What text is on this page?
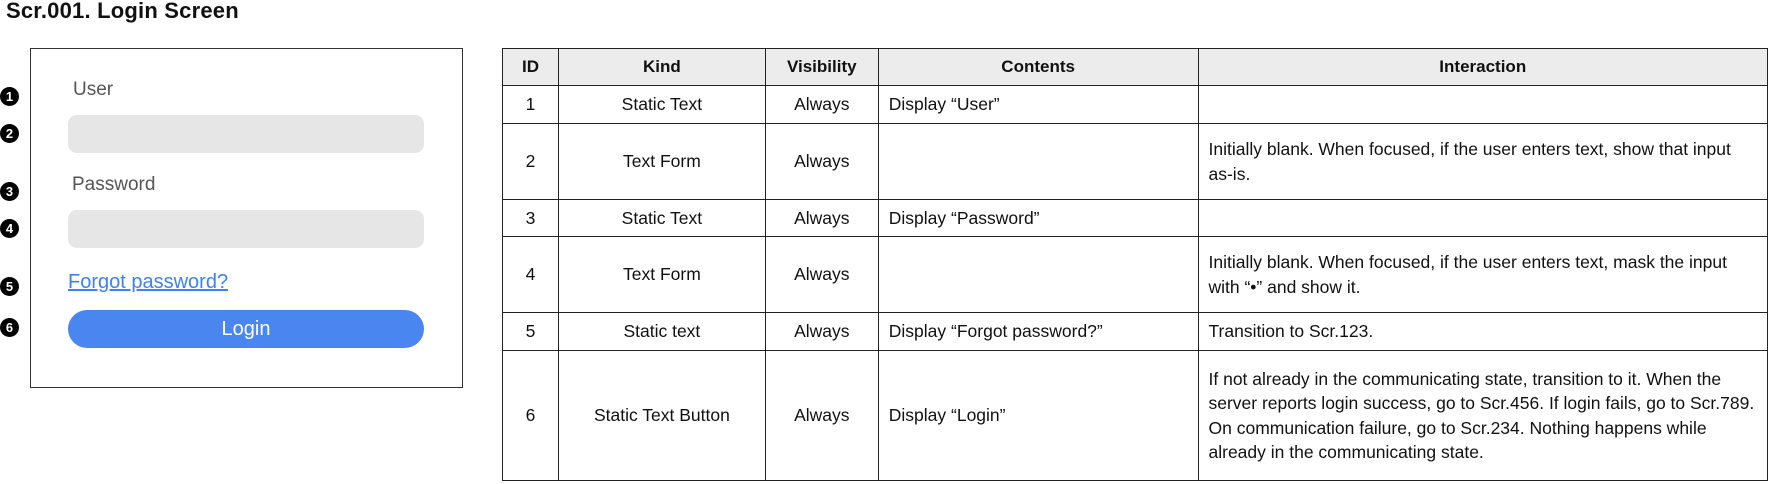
Scr.001. Login Screen
1
2
3
4
5
6
User
Password
Forgot password?
Login
ID	Kind	Visibility	Contents	Interaction
1	Static Text	Always	Display “User”	
2	Text Form	Always		Initially blank. When focused, if the user enters text, show that input as-is.
3	Static Text	Always	Display “Password”	
4	Text Form	Always		Initially blank. When focused, if the user enters text, mask the input with “•” and show it.
5	Static text	Always	Display “Forgot password?”	Transition to Scr.123.
6	Static Text Button	Always	Display “Login”	If not already in the communicating state, transition to it. When the server reports login success, go to Scr.456. If login fails, go to Scr.789. On communication failure, go to Scr.234. Nothing happens while already in the communicating state.
